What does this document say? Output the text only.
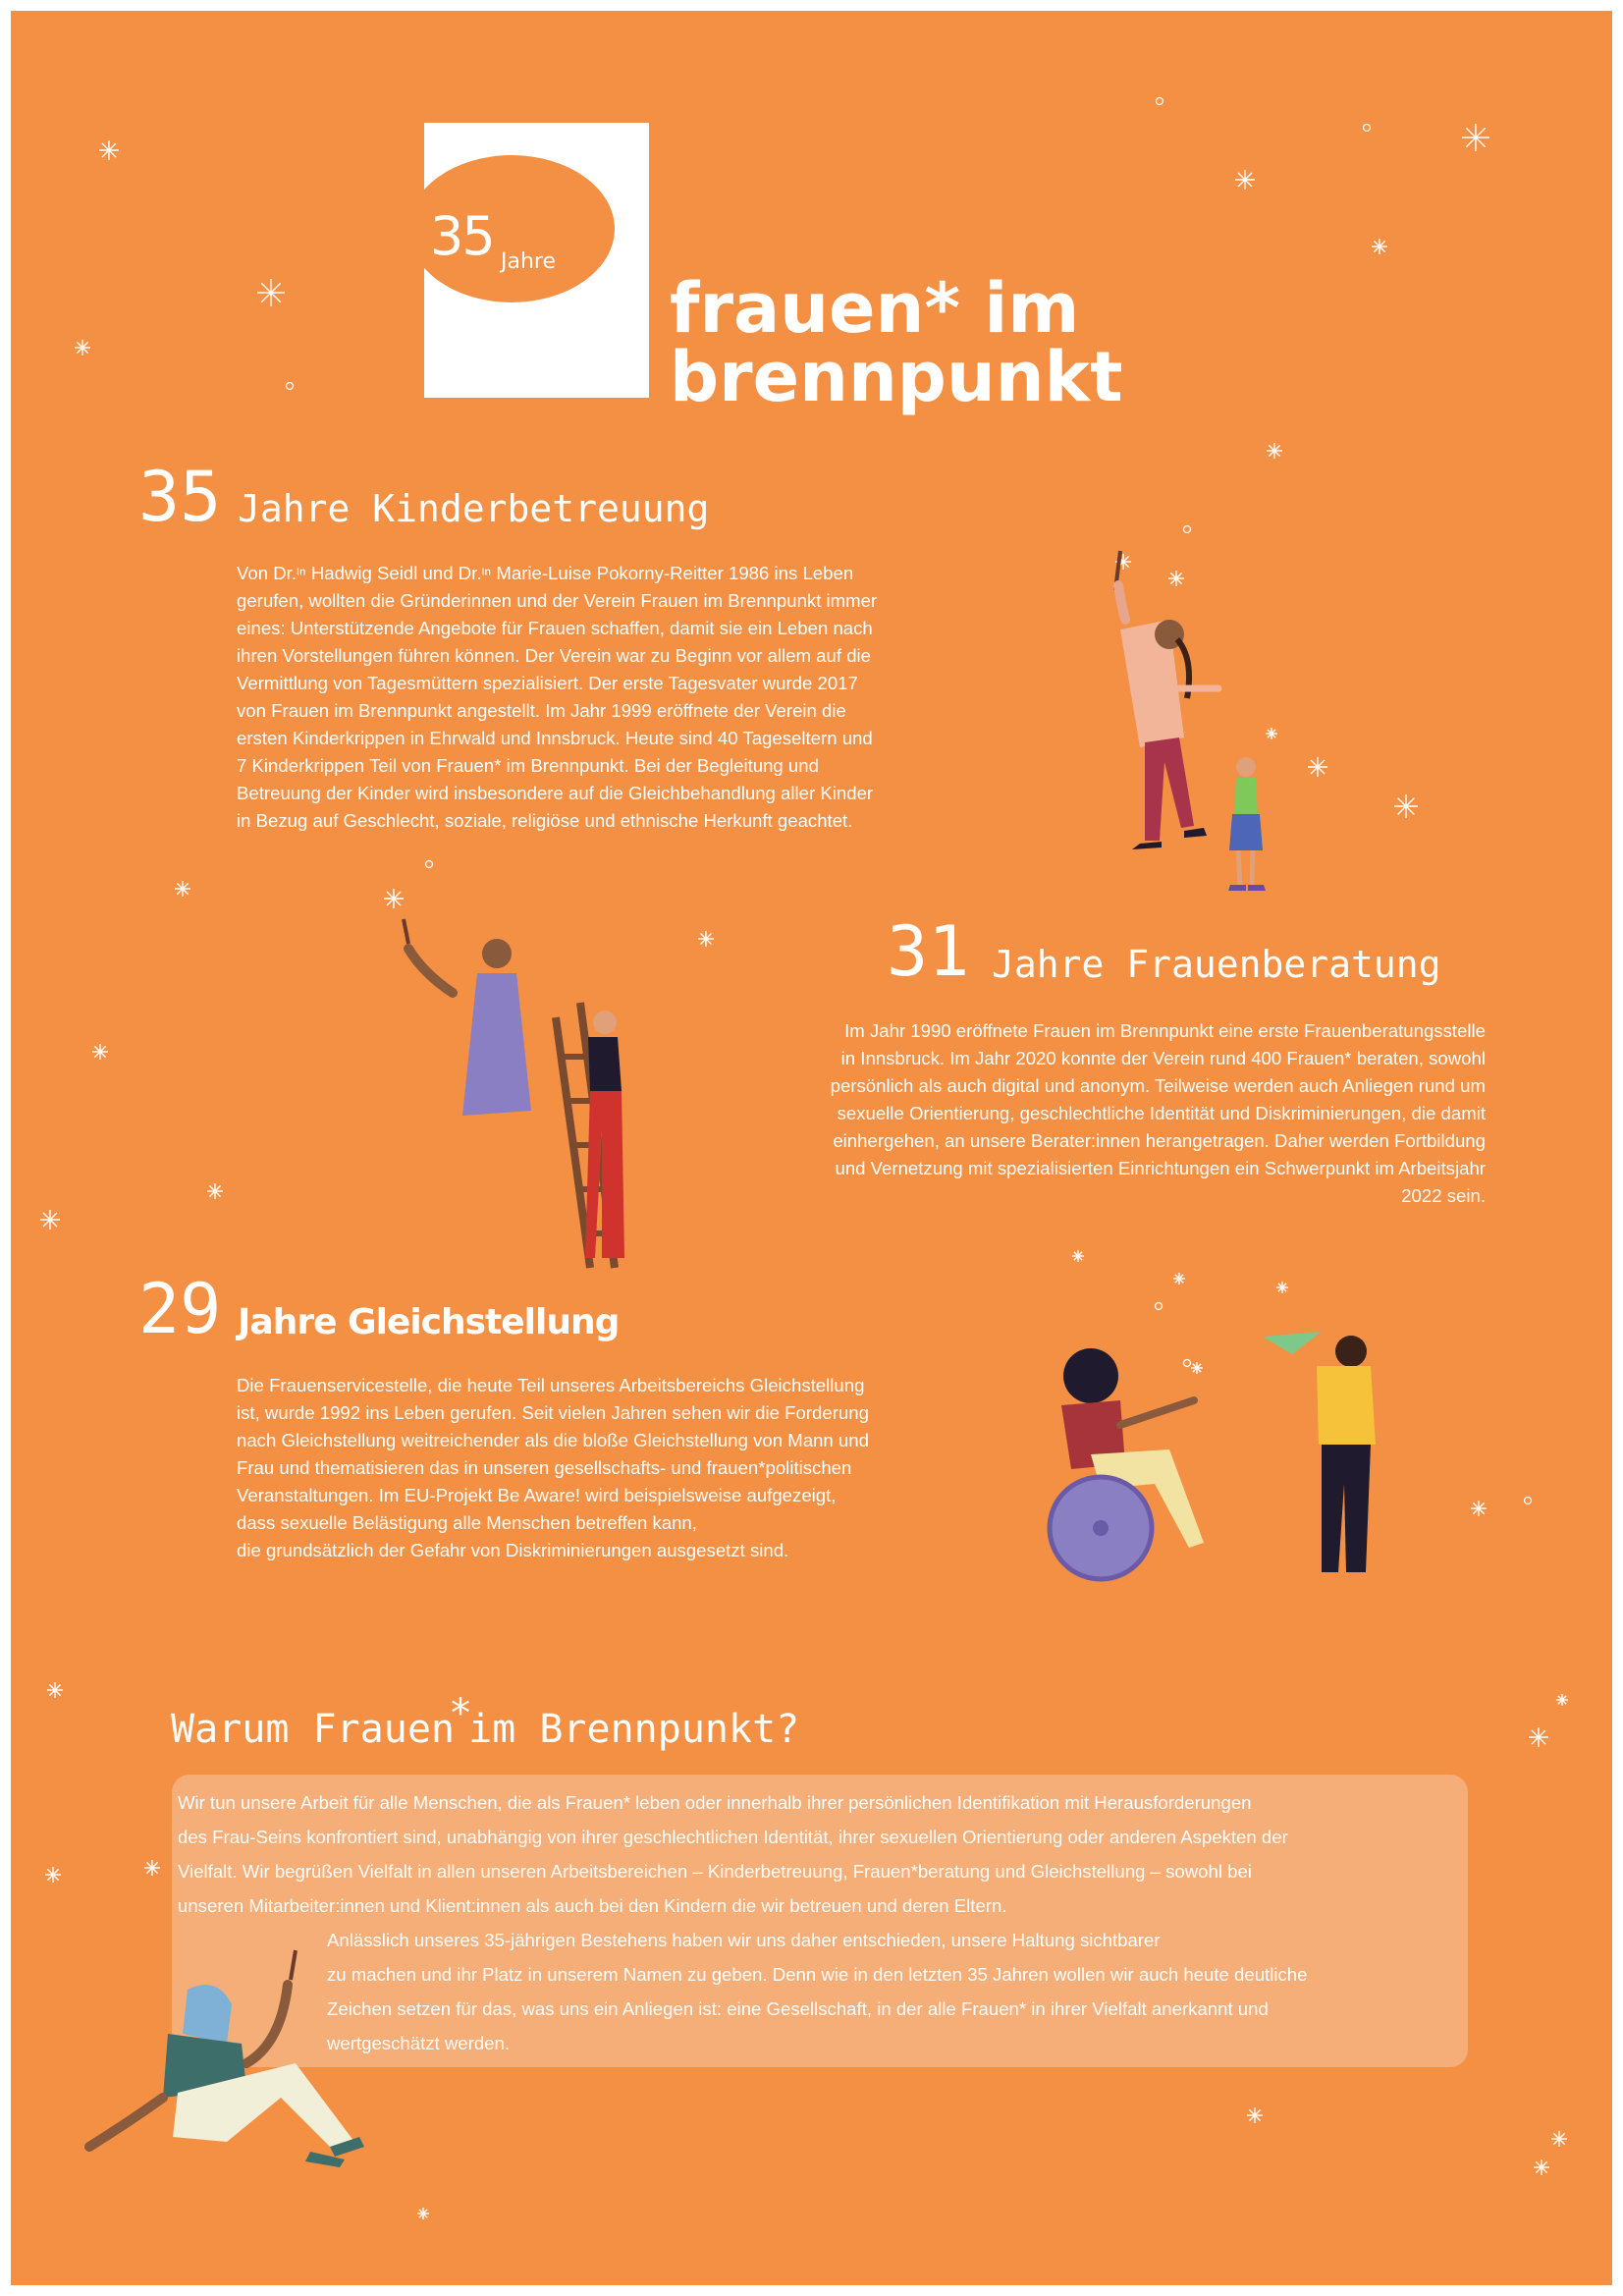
35 Jahre
frauen* im
brennpunkt
35 Jahre Kinderbetreuung

Von Dr.ᶦⁿ Hadwig Seidl und Dr.ᶦⁿ Marie-Luise Pokorny-Reitter 1986 ins Leben

gerufen, wollten die Gründerinnen und der Verein Frauen im Brennpunkt immer

eines: Unterstützende Angebote für Frauen schaffen, damit sie ein Leben nach

ihren Vorstellungen führen können. Der Verein war zu Beginn vor allem auf die

Vermittlung von Tagesmüttern spezialisiert. Der erste Tagesvater wurde 2017

von Frauen im Brennpunkt angestellt. Im Jahr 1999 eröffnete der Verein die

ersten Kinderkrippen in Ehrwald und Innsbruck. Heute sind 40 Tageseltern und

7 Kinderkrippen Teil von Frauen* im Brennpunkt. Bei der Begleitung und

Betreuung der Kinder wird insbesondere auf die Gleichbehandlung aller Kinder

in Bezug auf Geschlecht, soziale, religiöse und ethnische Herkunft geachtet.

31 Jahre Frauenberatung

Im Jahr 1990 eröffnete Frauen im Brennpunkt eine erste Frauenberatungsstelle

in Innsbruck. Im Jahr 2020 konnte der Verein rund 400 Frauen* beraten, sowohl

persönlich als auch digital und anonym. Teilweise werden auch Anliegen rund um

sexuelle Orientierung, geschlechtliche Identität und Diskriminierungen, die damit

einhergehen, an unsere Berater:innen herangetragen. Daher werden Fortbildung

und Vernetzung mit spezialisierten Einrichtungen ein Schwerpunkt im Arbeitsjahr

2022 sein.

29 Jahre Gleichstellung

Die Frauenservicestelle, die heute Teil unseres Arbeitsbereichs Gleichstellung

ist, wurde 1992 ins Leben gerufen. Seit vielen Jahren sehen wir die Forderung

nach Gleichstellung weitreichender als die bloße Gleichstellung von Mann und

Frau und thematisieren das in unseren gesellschafts- und frauen*politischen

Veranstaltungen. Im EU-Projekt Be Aware! wird beispielsweise aufgezeigt,

dass sexuelle Belästigung alle Menschen betreffen kann,

die grundsätzlich der Gefahr von Diskriminierungen ausgesetzt sind.

Warum Frauen*im Brennpunkt?

Wir tun unsere Arbeit für alle Menschen, die als Frauen* leben oder innerhalb ihrer persönlichen Identifikation mit Herausforderungen

des Frau-Seins konfrontiert sind, unabhängig von ihrer geschlechtlichen Identität, ihrer sexuellen Orientierung oder anderen Aspekten der

Vielfalt. Wir begrüßen Vielfalt in allen unseren Arbeitsbereichen – Kinderbetreuung, Frauen*beratung und Gleichstellung – sowohl bei

unseren Mitarbeiter:innen und Klient:innen als auch bei den Kindern die wir betreuen und deren Eltern.

Anlässlich unseres 35-jährigen Bestehens haben wir uns daher entschieden, unsere Haltung sichtbarer

zu machen und ihr Platz in unserem Namen zu geben. Denn wie in den letzten 35 Jahren wollen wir auch heute deutliche

Zeichen setzen für das, was uns ein Anliegen ist: eine Gesellschaft, in der alle Frauen* in ihrer Vielfalt anerkannt und

wertgeschätzt werden.
